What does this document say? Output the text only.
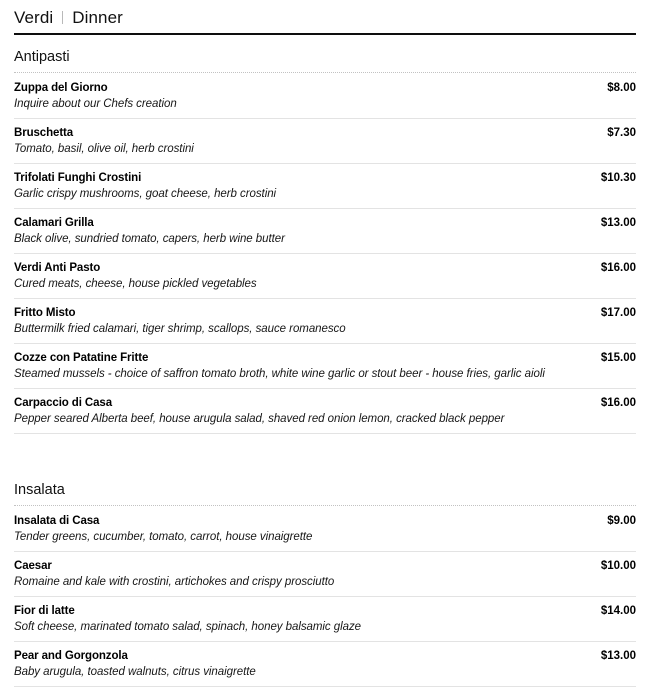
Verdi Dinner
Antipasti
Zuppa del Giorno	$8.00
Inquire about our Chefs creation
Bruschetta	$7.30
Tomato, basil, olive oil, herb crostini
Trifolati Funghi Crostini	$10.30
Garlic crispy mushrooms, goat cheese, herb crostini
Calamari Grilla	$13.00
Black olive, sundried tomato, capers, herb wine butter
Verdi Anti Pasto	$16.00
Cured meats, cheese, house pickled vegetables
Fritto Misto	$17.00
Buttermilk fried calamari, tiger shrimp, scallops, sauce romanesco
Cozze con Patatine Fritte	$15.00
Steamed mussels - choice of saffron tomato broth, white wine garlic or stout beer - house fries, garlic aioli
Carpaccio di Casa	$16.00
Pepper seared Alberta beef, house arugula salad, shaved red onion lemon, cracked black pepper
Insalata
Insalata di Casa	$9.00
Tender greens, cucumber, tomato, carrot, house vinaigrette
Caesar	$10.00
Romaine and kale with crostini, artichokes and crispy prosciutto
Fior di latte	$14.00
Soft cheese, marinated tomato salad, spinach, honey balsamic glaze
Pear and Gorgonzola	$13.00
Baby arugula, toasted walnuts, citrus vinaigrette
